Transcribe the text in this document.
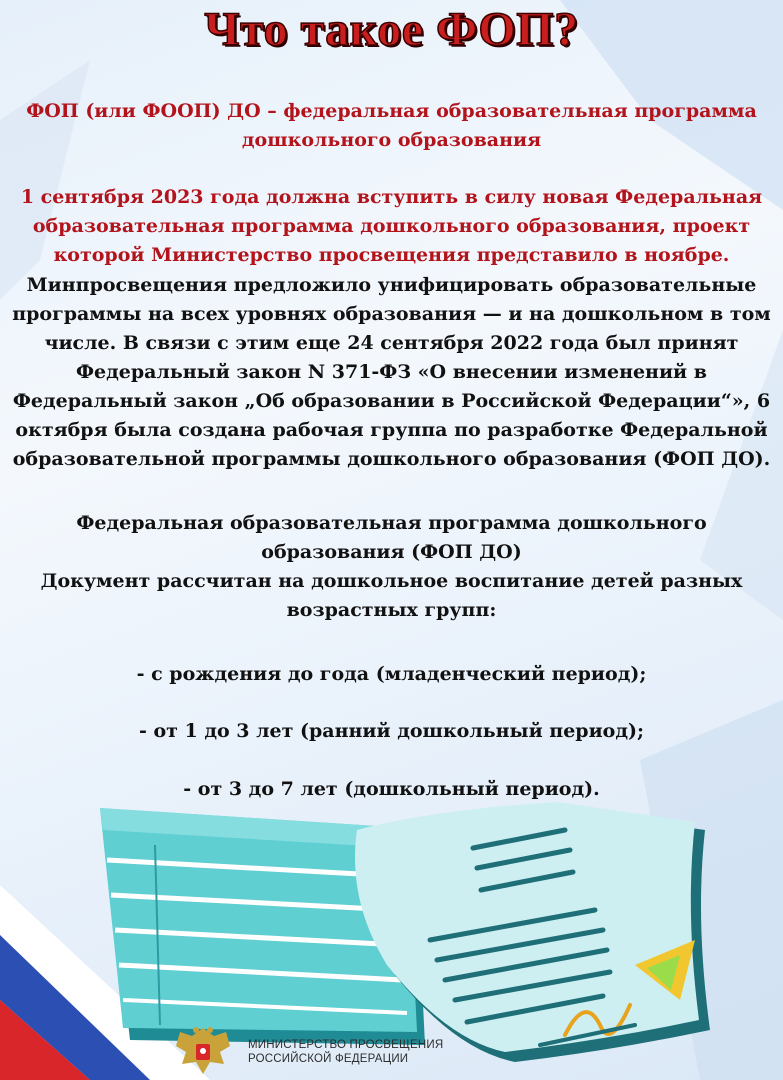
Что такое ФОП?

ФОП (или ФООП) ДО – федеральная образовательная программа
дошкольного образования

1 сентября 2023 года должна вступить в силу новая Федеральная
образовательная программа дошкольного образования, проект
которой Министерство просвещения представило в ноябре.

Минпросвещения предложило унифицировать образовательные
программы на всех уровнях образования — и на дошкольном в том
числе. В связи с этим еще 24 сентября 2022 года был принят
Федеральный закон N 371-ФЗ «О внесении изменений в
Федеральный закон „Об образовании в Российской Федерации“», 6
октября была создана рабочая группа по разработке Федеральной
образовательной программы дошкольного образования (ФОП ДО).

Федеральная образовательная программа дошкольного
образования (ФОП ДО)
Документ рассчитан на дошкольное воспитание детей разных
возрастных групп:

- с рождения до года (младенческий период);

- от 1 до 3 лет (ранний дошкольный период);

- от 3 до 7 лет (дошкольный период).

МИНИСТЕРСТВО ПРОСВЕЩЕНИЯ
РОССИЙСКОЙ ФЕДЕРАЦИИ
